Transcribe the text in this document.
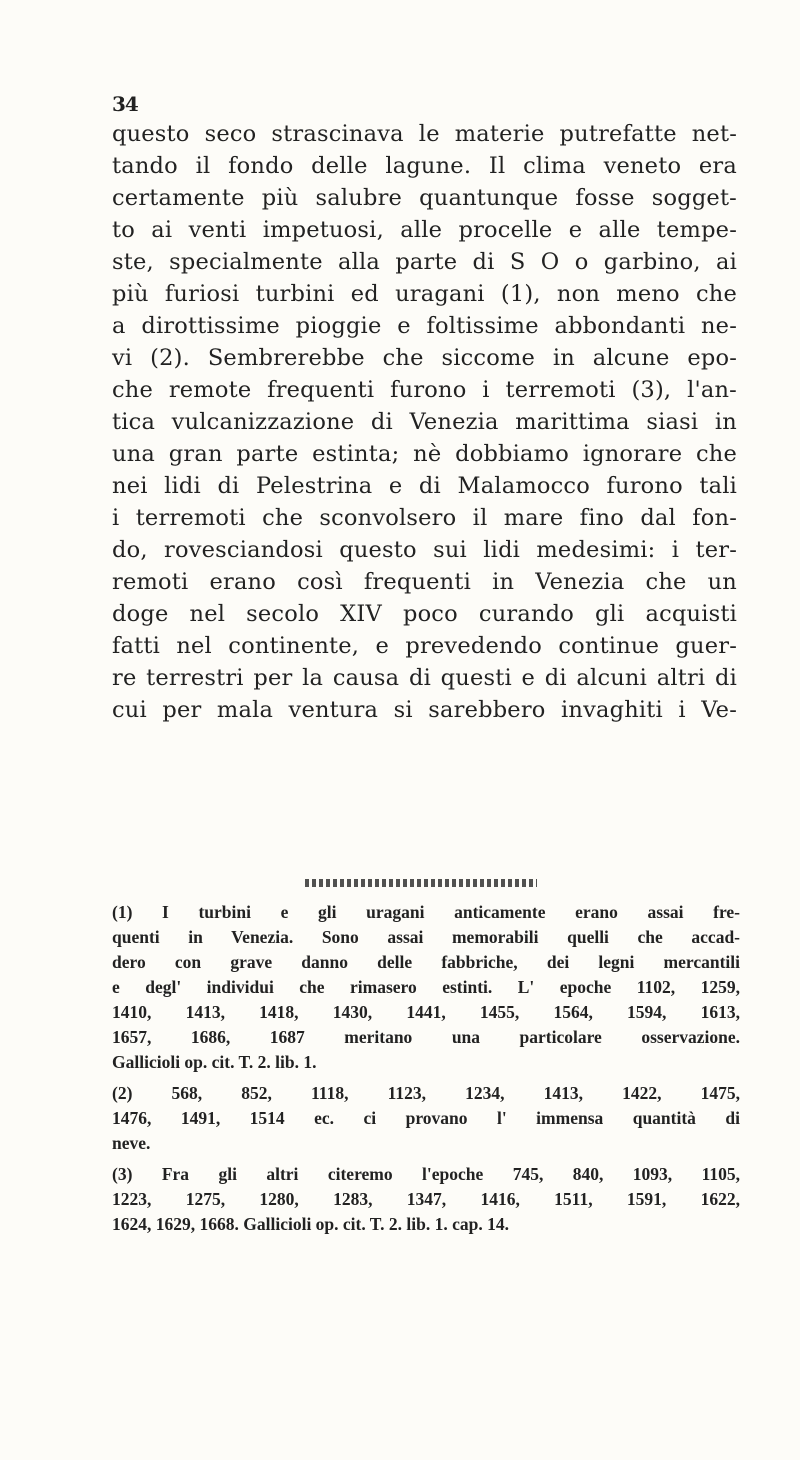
34
questo seco strascinava le materie putrefatte net-
tando il fondo delle lagune. Il clima veneto era
certamente più salubre quantunque fosse sogget-
to ai venti impetuosi, alle procelle e alle tempe-
ste, specialmente alla parte di S O o garbino, ai
più furiosi turbini ed uragani (1), non meno che
a dirottissime pioggie e foltissime abbondanti ne-
vi (2). Sembrerebbe che siccome in alcune epo-
che remote frequenti furono i terremoti (3), l'an-
tica vulcanizzazione di Venezia marittima siasi in
una gran parte estinta; nè dobbiamo ignorare che
nei lidi di Pelestrina e di Malamocco furono tali
i terremoti che sconvolsero il mare fino dal fon-
do, rovesciandosi questo sui lidi medesimi: i ter-
remoti erano così frequenti in Venezia che un
doge nel secolo XIV poco curando gli acquisti
fatti nel continente, e prevedendo continue guer-
re terrestri per la causa di questi e di alcuni altri di
cui per mala ventura si sarebbero invaghiti i Ve-
(1) I turbini e gli uragani anticamente erano assai fre-
quenti in Venezia. Sono assai memorabili quelli che accad-
dero con grave danno delle fabbriche, dei legni mercantili
e degl' individui che rimasero estinti. L' epoche 1102, 1259,
1410, 1413, 1418, 1430, 1441, 1455, 1564, 1594, 1613,
1657, 1686, 1687 meritano una particolare osservazione.
Gallicioli op. cit. T. 2. lib. 1.
(2) 568, 852, 1118, 1123, 1234, 1413, 1422, 1475,
1476, 1491, 1514 ec. ci provano l' immensa quantità di
neve.
(3) Fra gli altri citeremo l'epoche 745, 840, 1093, 1105,
1223, 1275, 1280, 1283, 1347, 1416, 1511, 1591, 1622,
1624, 1629, 1668. Gallicioli op. cit. T. 2. lib. 1. cap. 14.
